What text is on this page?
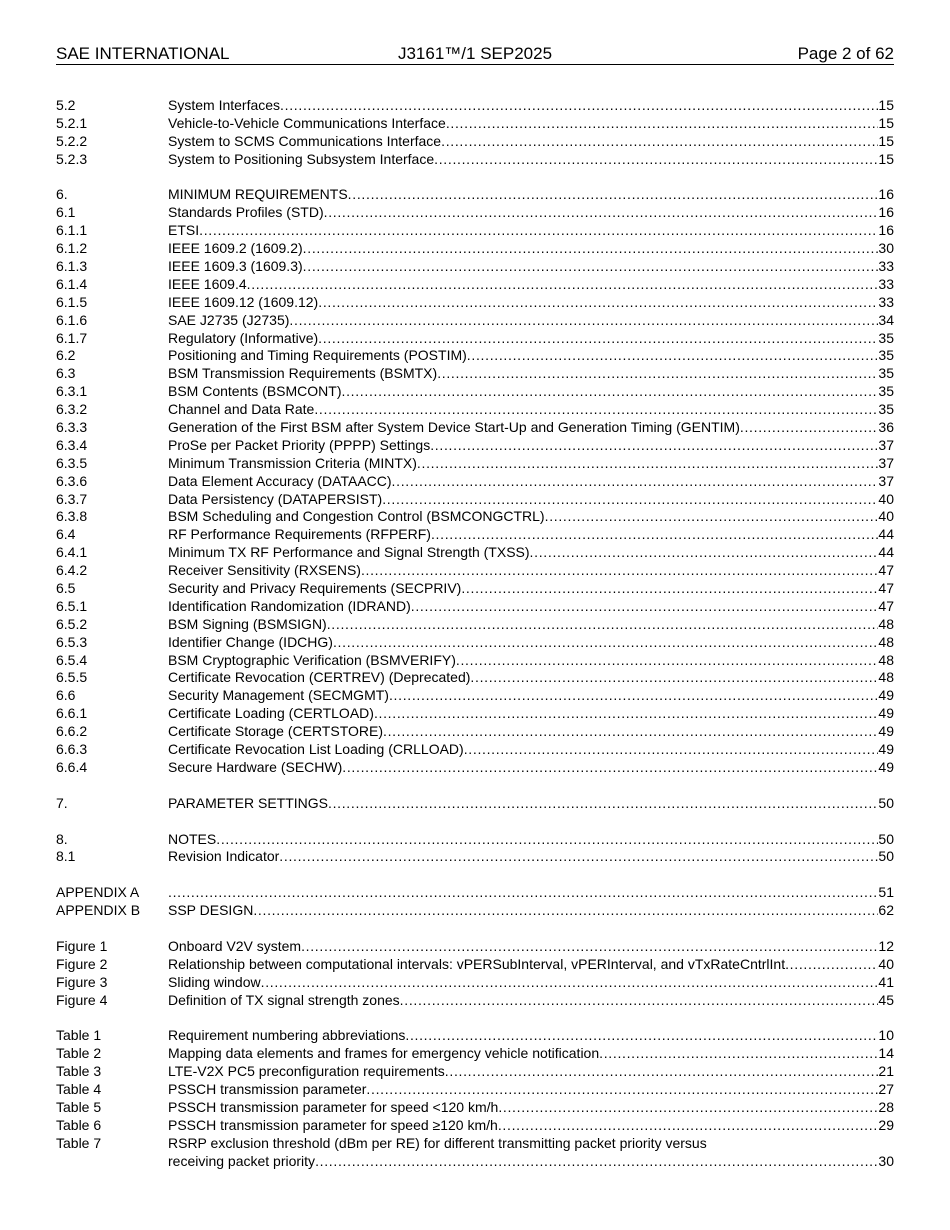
SAE INTERNATIONAL	J3161™/1 SEP2025	Page 2 of 62
5.2	System Interfaces . . .	15
5.2.1	Vehicle-to-Vehicle Communications Interface . . .	15
5.2.2	System to SCMS Communications Interface . . .	15
5.2.3	System to Positioning Subsystem Interface . . .	15
6.	MINIMUM REQUIREMENTS . . .	16
6.1	Standards Profiles (STD) . . .	16
6.1.1	ETSI . . .	16
6.1.2	IEEE 1609.2 (1609.2) . . .	30
6.1.3	IEEE 1609.3 (1609.3) . . .	33
6.1.4	IEEE 1609.4 . . .	33
6.1.5	IEEE 1609.12 (1609.12) . . .	33
6.1.6	SAE J2735 (J2735) . . .	34
6.1.7	Regulatory (Informative) . . .	35
6.2	Positioning and Timing Requirements (POSTIM) . . .	35
6.3	BSM Transmission Requirements (BSMTX) . . .	35
6.3.1	BSM Contents (BSMCONT) . . .	35
6.3.2	Channel and Data Rate . . .	35
6.3.3	Generation of the First BSM after System Device Start-Up and Generation Timing (GENTIM) . . .	36
6.3.4	ProSe per Packet Priority (PPPP) Settings . . .	37
6.3.5	Minimum Transmission Criteria (MINTX) . . .	37
6.3.6	Data Element Accuracy (DATAACC) . . .	37
6.3.7	Data Persistency (DATAPERSIST) . . .	40
6.3.8	BSM Scheduling and Congestion Control (BSMCONGCTRL) . . .	40
6.4	RF Performance Requirements (RFPERF) . . .	44
6.4.1	Minimum TX RF Performance and Signal Strength (TXSS) . . .	44
6.4.2	Receiver Sensitivity (RXSENS) . . .	47
6.5	Security and Privacy Requirements (SECPRIV) . . .	47
6.5.1	Identification Randomization (IDRAND) . . .	47
6.5.2	BSM Signing (BSMSIGN) . . .	48
6.5.3	Identifier Change (IDCHG) . . .	48
6.5.4	BSM Cryptographic Verification (BSMVERIFY) . . .	48
6.5.5	Certificate Revocation (CERTREV) (Deprecated) . . .	48
6.6	Security Management (SECMGMT) . . .	49
6.6.1	Certificate Loading (CERTLOAD) . . .	49
6.6.2	Certificate Storage (CERTSTORE) . . .	49
6.6.3	Certificate Revocation List Loading (CRLLOAD) . . .	49
6.6.4	Secure Hardware (SECHW) . . .	49
7.	PARAMETER SETTINGS . . .	50
8.	NOTES . . .	50
8.1	Revision Indicator . . .	50
APPENDIX A . . .	51
APPENDIX B	SSP DESIGN . . .	62
Figure 1	Onboard V2V system . . .	12
Figure 2	Relationship between computational intervals: vPERSubInterval, vPERInterval, and vTxRateCntrlInt . . .	40
Figure 3	Sliding window . . .	41
Figure 4	Definition of TX signal strength zones . . .	45
Table 1	Requirement numbering abbreviations . . .	10
Table 2	Mapping data elements and frames for emergency vehicle notification . . .	14
Table 3	LTE-V2X PC5 preconfiguration requirements . . .	21
Table 4	PSSCH transmission parameter . . .	27
Table 5	PSSCH transmission parameter for speed <120 km/h . . .	28
Table 6	PSSCH transmission parameter for speed ≥120 km/h . . .	29
Table 7	RSRP exclusion threshold (dBm per RE) for different transmitting packet priority versus
receiving packet priority . . .	30
